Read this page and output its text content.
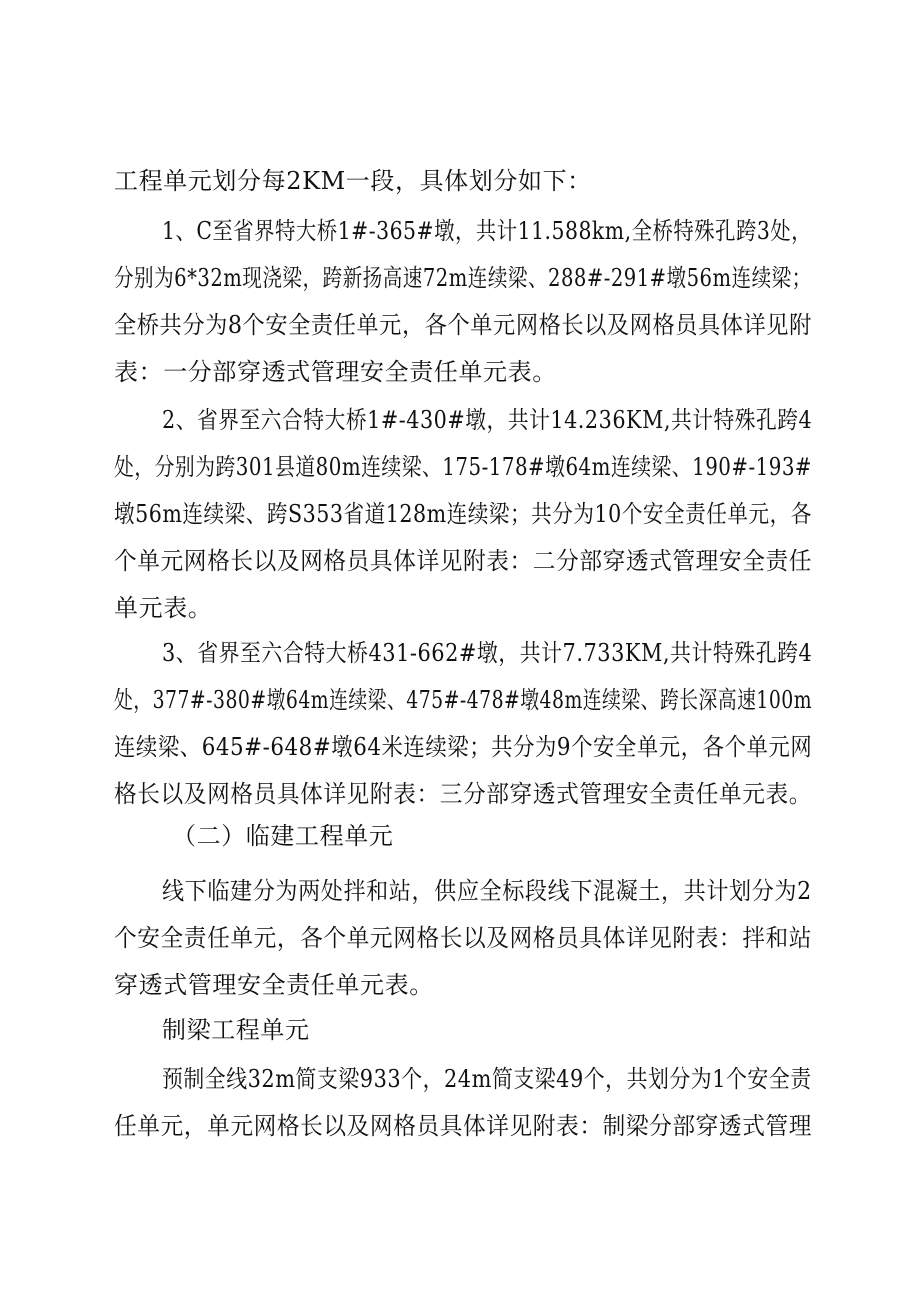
工程单元划分每2KM一段，具体划分如下：
1、C至省界特大桥1#-365#墩，共计11.588km,全桥特殊孔跨3处，
分别为6*32m现浇梁，跨新扬高速72m连续梁、288#-291#墩56m连续梁；
全桥共分为8个安全责任单元，各个单元网格长以及网格员具体详见附
表：一分部穿透式管理安全责任单元表。
2、省界至六合特大桥1#-430#墩，共计14.236KM,共计特殊孔跨4
处，分别为跨301县道80m连续梁、175-178#墩64m连续梁、190#-193#
墩56m连续梁、跨S353省道128m连续梁；共分为10个安全责任单元，各
个单元网格长以及网格员具体详见附表：二分部穿透式管理安全责任
单元表。
3、省界至六合特大桥431-662#墩，共计7.733KM,共计特殊孔跨4
处，377#-380#墩64m连续梁、475#-478#墩48m连续梁、跨长深高速100m
连续梁、645#-648#墩64米连续梁；共分为9个安全单元，各个单元网
格长以及网格员具体详见附表：三分部穿透式管理安全责任单元表。
（二）临建工程单元
线下临建分为两处拌和站，供应全标段线下混凝土，共计划分为2
个安全责任单元，各个单元网格长以及网格员具体详见附表：拌和站
穿透式管理安全责任单元表。
制梁工程单元
预制全线32m简支梁933个，24m简支梁49个，共划分为1个安全责
任单元，单元网格长以及网格员具体详见附表：制梁分部穿透式管理
